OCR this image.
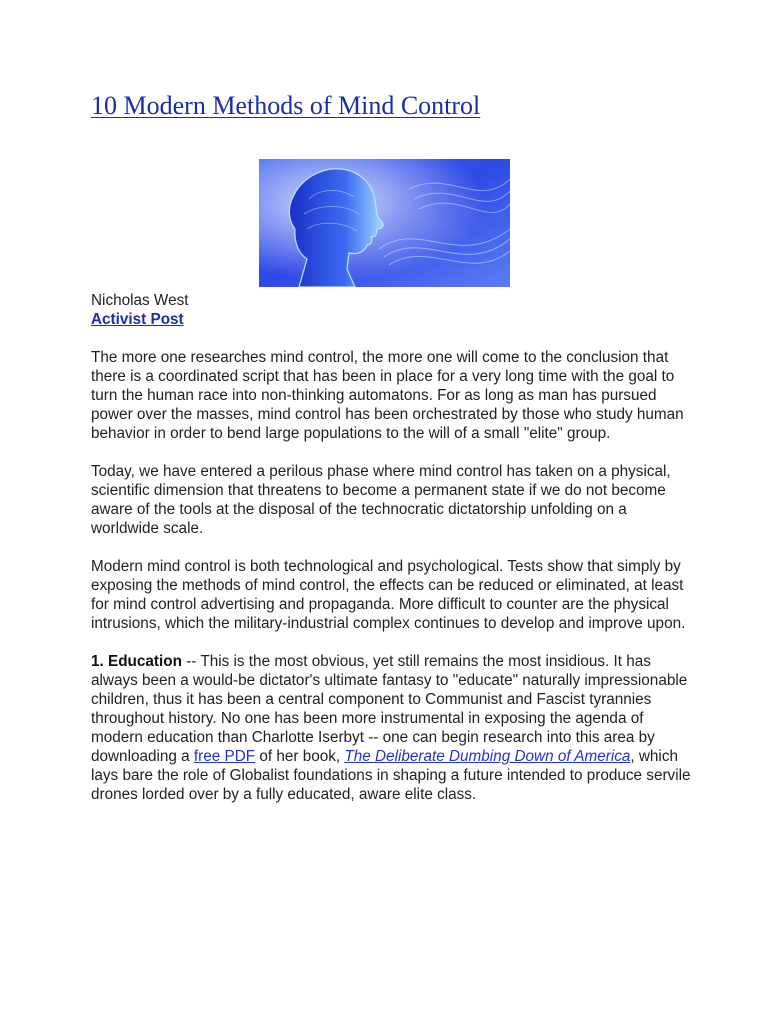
10 Modern Methods of Mind Control
Nicholas West
Activist Post

The more one researches mind control, the more one will come to the conclusion that there is a coordinated script that has been in place for a very long time with the goal to turn the human race into non-thinking automatons. For as long as man has pursued power over the masses, mind control has been orchestrated by those who study human behavior in order to bend large populations to the will of a small "elite" group.

Today, we have entered a perilous phase where mind control has taken on a physical, scientific dimension that threatens to become a permanent state if we do not become aware of the tools at the disposal of the technocratic dictatorship unfolding on a worldwide scale.

Modern mind control is both technological and psychological. Tests show that simply by exposing the methods of mind control, the effects can be reduced or eliminated, at least for mind control advertising and propaganda. More difficult to counter are the physical intrusions, which the military-industrial complex continues to develop and improve upon.

1. Education -- This is the most obvious, yet still remains the most insidious. It has always been a would-be dictator's ultimate fantasy to "educate" naturally impressionable children, thus it has been a central component to Communist and Fascist tyrannies throughout history. No one has been more instrumental in exposing the agenda of modern education than Charlotte Iserbyt -- one can begin research into this area by downloading a free PDF of her book, The Deliberate Dumbing Down of America, which lays bare the role of Globalist foundations in shaping a future intended to produce servile drones lorded over by a fully educated, aware elite class.
